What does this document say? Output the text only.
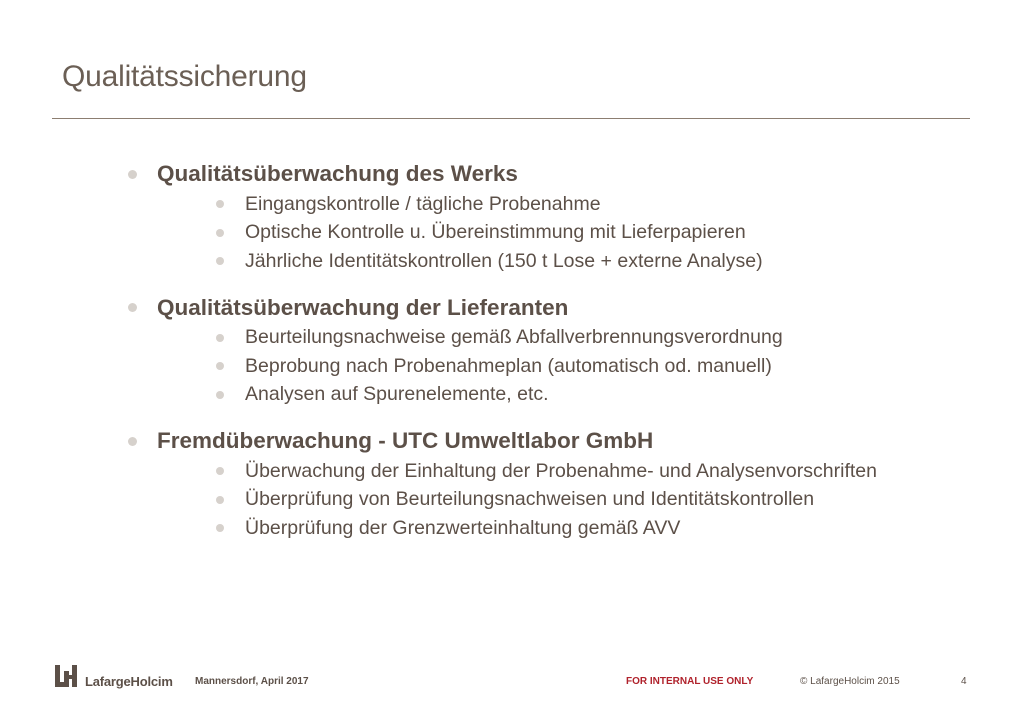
Qualitätssicherung
Qualitätsüberwachung des Werks
Eingangskontrolle / tägliche Probenahme
Optische Kontrolle u. Übereinstimmung mit Lieferpapieren
Jährliche Identitätskontrollen (150 t Lose + externe Analyse)
Qualitätsüberwachung der Lieferanten
Beurteilungsnachweise gemäß Abfallverbrennungsverordnung
Beprobung nach Probenahmeplan (automatisch od. manuell)
Analysen auf Spurenelemente, etc.
Fremdüberwachung - UTC Umweltlabor GmbH
Überwachung der Einhaltung der Probenahme- und Analysenvorschriften
Überprüfung von Beurteilungsnachweisen und Identitätskontrollen
Überprüfung der Grenzwerteinhaltung gemäß AVV
LafargeHolcim Mannersdorf, April 2017	FOR INTERNAL USE ONLY	© LafargeHolcim 2015	4
